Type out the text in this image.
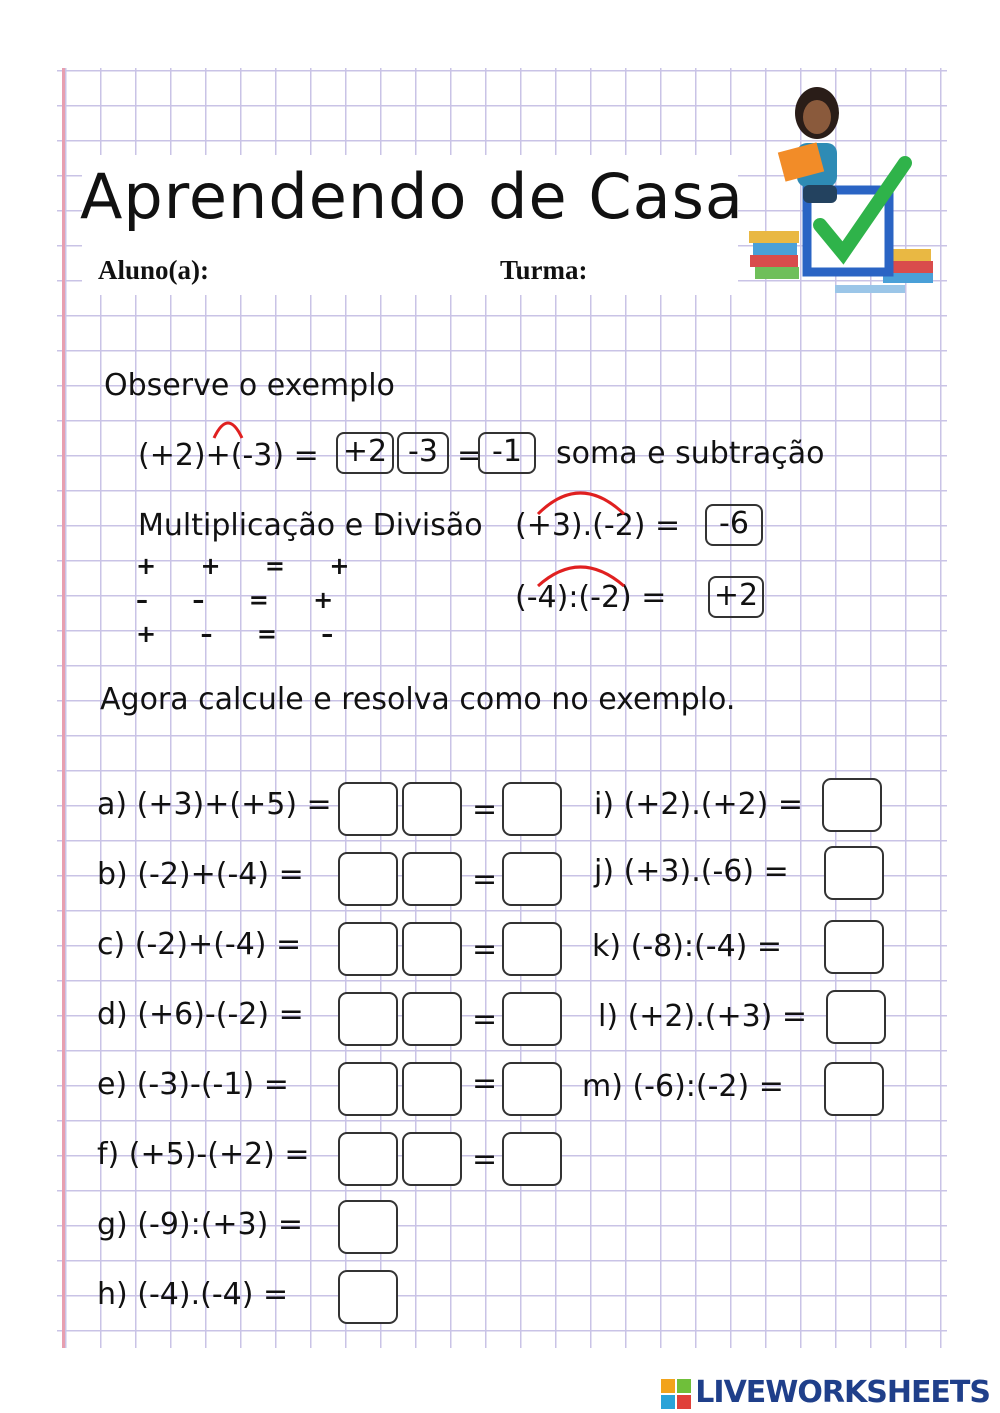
Aprendendo de Casa
Aluno(a):	Turma:
Observe o exemplo
(+2)+(-3) = +2 -3 = -1	soma e subtração
Multiplicação e Divisão (+3).(-2) =	-6
+ + = +
– – = +
+ – = –
(-4):(-2) = +2
Agora calcule e resolva como no exemplo.
a) (+3)+(+5) =
b) (-2)+(-4) =
c) (-2)+(-4) =
d) (+6)-(-2) =
e) (-3)-(-1) =
f) (+5)-(+2) =
g) (-9):(+3) =
h) (-4).(-4) =
=
=
=
=
=
=
i) (+2).(+2) =
j) (+3).(-6) =
k) (-8):(-4) =
l) (+2).(+3) =
m) (-6):(-2) =
LIVEWORKSHEETS
